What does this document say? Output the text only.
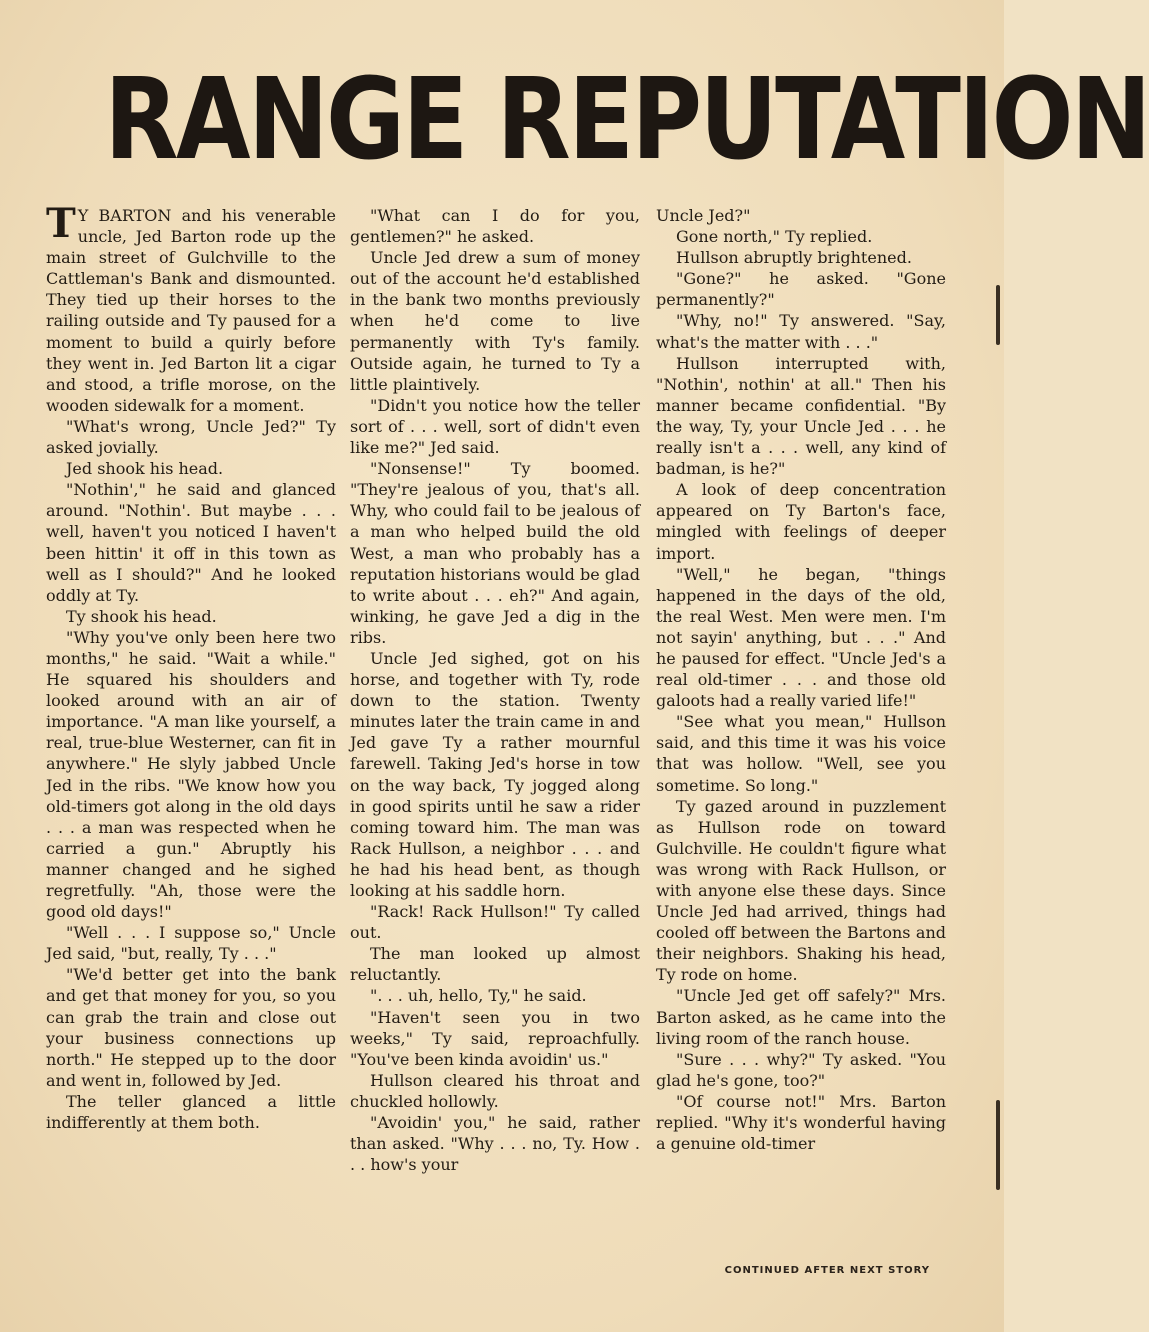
RANGE REPUTATION

T Y BARTON and his venerable uncle, Jed Barton rode up the main street of Gulchville to the Cattleman's Bank and dismounted. They tied up their horses to the railing outside and Ty paused for a moment to build a quirly before they went in. Jed Barton lit a cigar and stood, a trifle morose, on the wooden sidewalk for a moment.

"What's wrong, Uncle Jed?" Ty asked jovially.

Jed shook his head.

"Nothin'," he said and glanced around. "Nothin'. But maybe . . . well, haven't you noticed I haven't been hittin' it off in this town as well as I should?" And he looked oddly at Ty.

Ty shook his head.

"Why you've only been here two months," he said. "Wait a while." He squared his shoulders and looked around with an air of importance. "A man like yourself, a real, true-blue Westerner, can fit in anywhere." He slyly jabbed Uncle Jed in the ribs. "We know how you old-timers got along in the old days . . . a man was respected when he carried a gun." Abruptly his manner changed and he sighed regretfully. "Ah, those were the good old days!"

"Well . . . I suppose so," Uncle Jed said, "but, really, Ty . . ."

"We'd better get into the bank and get that money for you, so you can grab the train and close out your business connections up north." He stepped up to the door and went in, followed by Jed.

The teller glanced a little indifferently at them both.

"What can I do for you, gentlemen?" he asked.

Uncle Jed drew a sum of money out of the account he'd established in the bank two months previously when he'd come to live permanently with Ty's family. Outside again, he turned to Ty a little plaintively.

"Didn't you notice how the teller sort of . . . well, sort of didn't even like me?" Jed said.

"Nonsense!" Ty boomed. "They're jealous of you, that's all. Why, who could fail to be jealous of a man who helped build the old West, a man who probably has a reputation historians would be glad to write about . . . eh?" And again, winking, he gave Jed a dig in the ribs.

Uncle Jed sighed, got on his horse, and together with Ty, rode down to the station. Twenty minutes later the train came in and Jed gave Ty a rather mournful farewell. Taking Jed's horse in tow on the way back, Ty jogged along in good spirits until he saw a rider coming toward him. The man was Rack Hullson, a neighbor . . . and he had his head bent, as though looking at his saddle horn.

"Rack! Rack Hullson!" Ty called out.

The man looked up almost reluctantly.

". . . uh, hello, Ty," he said.

"Haven't seen you in two weeks," Ty said, reproachfully. "You've been kinda avoidin' us."

Hullson cleared his throat and chuckled hollowly.

"Avoidin' you," he said, rather than asked. "Why . . . no, Ty. How . . . how's your

Uncle Jed?"

Gone north," Ty replied.

Hullson abruptly brightened.

"Gone?" he asked. "Gone permanently?"

"Why, no!" Ty answered. "Say, what's the matter with . . ."

Hullson interrupted with, "Nothin', nothin' at all." Then his manner became confidential. "By the way, Ty, your Uncle Jed . . . he really isn't a . . . well, any kind of badman, is he?"

A look of deep concentration appeared on Ty Barton's face, mingled with feelings of deeper import.

"Well," he began, "things happened in the days of the old, the real West. Men were men. I'm not sayin' anything, but . . ." And he paused for effect. "Uncle Jed's a real old-timer . . . and those old galoots had a really varied life!"

"See what you mean," Hullson said, and this time it was his voice that was hollow. "Well, see you sometime. So long."

Ty gazed around in puzzlement as Hullson rode on toward Gulchville. He couldn't figure what was wrong with Rack Hullson, or with anyone else these days. Since Uncle Jed had arrived, things had cooled off between the Bartons and their neighbors. Shaking his head, Ty rode on home.

"Uncle Jed get off safely?" Mrs. Barton asked, as he came into the living room of the ranch house.

"Sure . . . why?" Ty asked. "You glad he's gone, too?"

"Of course not!" Mrs. Barton replied. "Why it's wonderful having a genuine old-timer

CONTINUED AFTER NEXT STORY
